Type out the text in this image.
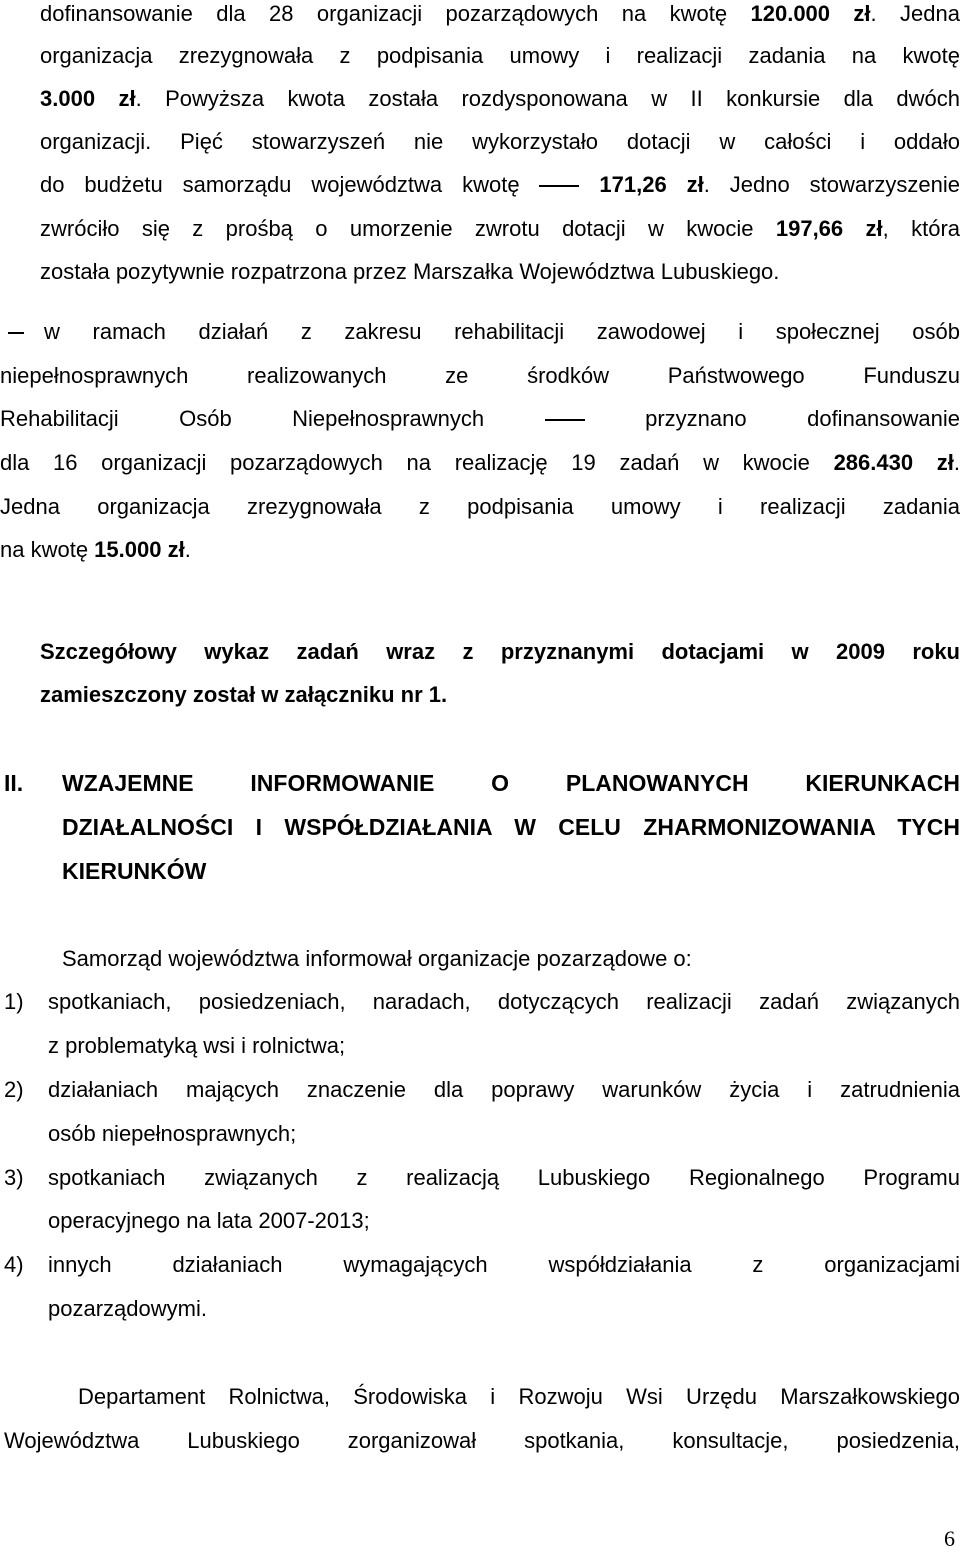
dofinansowanie dla 28 organizacji pozarządowych na kwotę 120.000 zł. Jedna
organizacja zrezygnowała z podpisania umowy i realizacji zadania na kwotę
3.000 zł. Powyższa kwota została rozdysponowana w II konkursie dla dwóch
organizacji. Pięć stowarzyszeń nie wykorzystało dotacji w całości i oddało
do budżetu samorządu województwa kwotę	171,26 zł. Jedno stowarzyszenie
zwróciło się z prośbą o umorzenie zwrotu dotacji w kwocie 197,66 zł, która
została pozytywnie rozpatrzona przez Marszałka Województwa Lubuskiego.
w ramach działań z zakresu rehabilitacji zawodowej i społecznej osób
niepełnosprawnych realizowanych ze środków Państwowego Funduszu
Rehabilitacji Osób Niepełnosprawnych	przyznano dofinansowanie
dla 16 organizacji pozarządowych na realizację 19 zadań w kwocie 286.430 zł.
Jedna organizacja zrezygnowała z podpisania umowy i realizacji zadania
na kwotę 15.000 zł.
Szczegółowy wykaz zadań wraz z przyznanymi dotacjami w 2009 roku
zamieszczony został w załączniku nr 1.
II. WZAJEMNE INFORMOWANIE O PLANOWANYCH KIERUNKACH
DZIAŁALNOŚCI I WSPÓŁDZIAŁANIA W CELU ZHARMONIZOWANIA TYCH
KIERUNKÓW
Samorząd województwa informował organizacje pozarządowe o:
1) spotkaniach, posiedzeniach, naradach, dotyczących realizacji zadań związanych
z problematyką wsi i rolnictwa;
2) działaniach mających znaczenie dla poprawy warunków życia i zatrudnienia
osób niepełnosprawnych;
3) spotkaniach związanych z realizacją Lubuskiego Regionalnego Programu
operacyjnego na lata 2007-2013;
4) innych działaniach wymagających współdziałania z organizacjami
pozarządowymi.
Departament Rolnictwa, Środowiska i Rozwoju Wsi Urzędu Marszałkowskiego
Województwa Lubuskiego zorganizował spotkania, konsultacje, posiedzenia,
6
